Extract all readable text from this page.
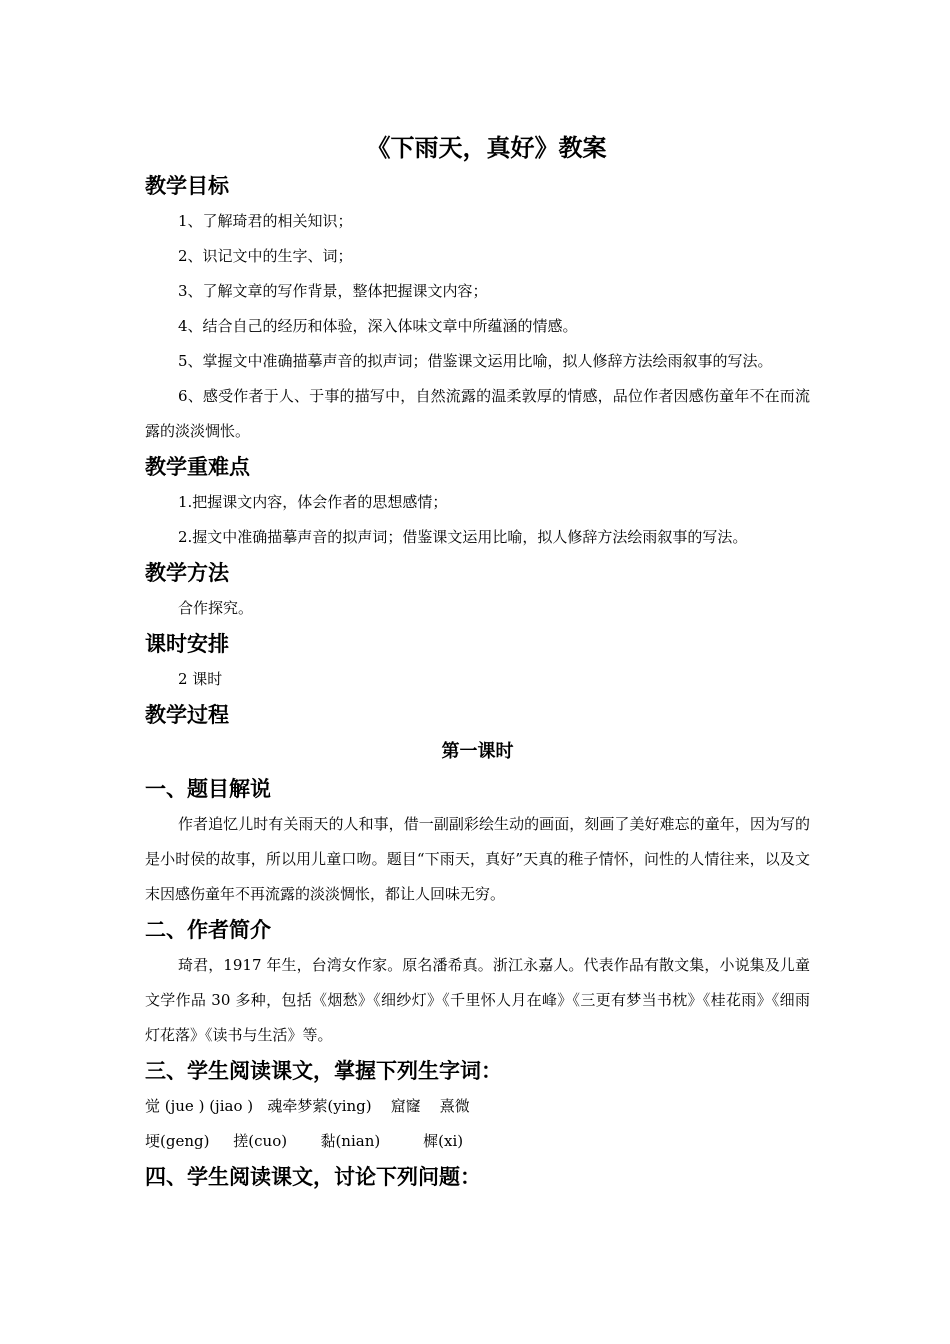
《下雨天，真好》教案
教学目标

1、了解琦君的相关知识；

2、识记文中的生字、词；

3、了解文章的写作背景，整体把握课文内容；

4、结合自己的经历和体验，深入体味文章中所蕴涵的情感。

5、掌握文中准确描摹声音的拟声词；借鉴课文运用比喻，拟人修辞方法绘雨叙事的写法。

6、感受作者于人、于事的描写中，自然流露的温柔敦厚的情感，品位作者因感伤童年不在而流露的淡淡惆怅。

教学重难点

1.把握课文内容，体会作者的思想感情；

2.握文中准确描摹声音的拟声词；借鉴课文运用比喻，拟人修辞方法绘雨叙事的写法。

教学方法

合作探究。

课时安排

2 课时

教学过程
第一课时
一、题目解说

作者追忆儿时有关雨天的人和事，借一副副彩绘生动的画面，刻画了美好难忘的童年，因为写的是小时侯的故事，所以用儿童口吻。题目“下雨天，真好”天真的稚子情怀，问性的人情往来，以及文末因感伤童年不再流露的淡淡惆怅，都让人回味无穷。

二、作者简介

琦君，1917 年生，台湾女作家。原名潘希真。浙江永嘉人。代表作品有散文集，小说集及儿童文学作品 30 多种，包括《烟愁》《细纱灯》《千里怀人月在峰》《三更有梦当书枕》《桂花雨》《细雨灯花落》《读书与生活》等。

三、学生阅读课文，掌握下列生字词：

觉 (jue ) (jiao )   魂牵梦萦(ying)    窟窿    熹微

埂(geng)     搓(cuo)       黏(nian)         樨(xi)

四、学生阅读课文，讨论下列问题：
